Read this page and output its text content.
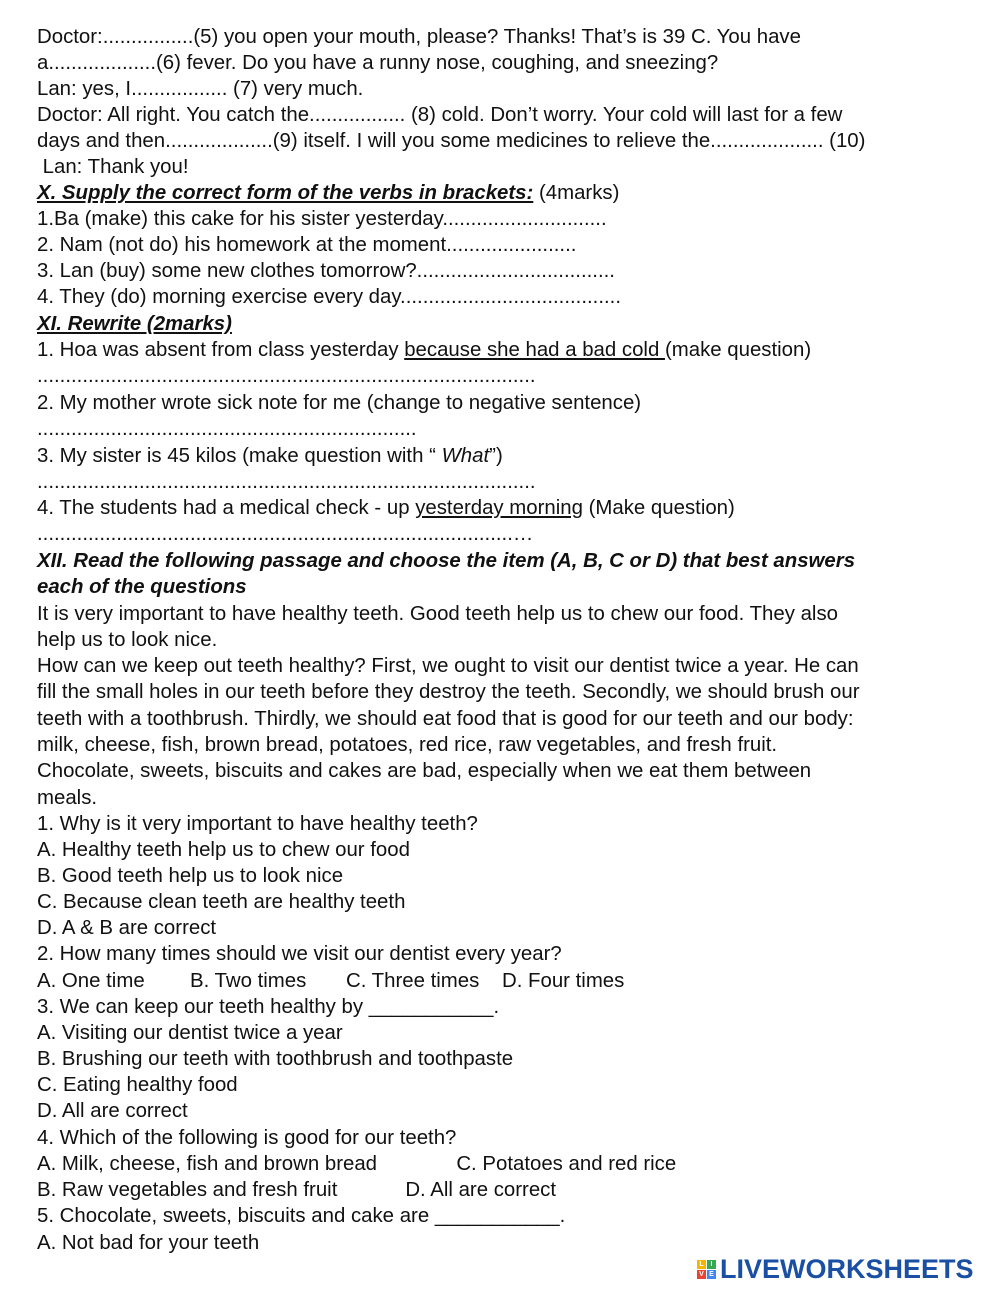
Doctor:................(5) you open your mouth, please? Thanks! That’s is 39 C. You have
a...................(6) fever. Do you have a runny nose, coughing, and sneezing?
Lan: yes, I................. (7) very much.
Doctor: All right. You catch the................. (8) cold. Don’t worry. Your cold will last for a few
days and then...................(9) itself. I will you some medicines to relieve the.................... (10)
Lan: Thank you!
X. Supply the correct form of the verbs in brackets: (4marks)
1.Ba (make) this cake for his sister yesterday.............................
2. Nam (not do) his homework at the moment.......................
3. Lan (buy) some new clothes tomorrow?...................................
4. They (do) morning exercise every day.......................................
XI. Rewrite (2marks)
1. Hoa was absent from class yesterday because she had a bad cold (make question)
........................................................................................
2. My mother wrote sick note for me (change to negative sentence)
...................................................................
3. My sister is 45 kilos (make question with “ What”)
........................................................................................
4. The students had a medical check - up yesterday morning (Make question)
....................................................................................…
XII. Read the following passage and choose the item (A, B, C or D) that best answers
each of the questions
It is very important to have healthy teeth. Good teeth help us to chew our food. They also
help us to look nice.
How can we keep out teeth healthy? First, we ought to visit our dentist twice a year. He can
fill the small holes in our teeth before they destroy the teeth. Secondly, we should brush our
teeth with a toothbrush. Thirdly, we should eat food that is good for our teeth and our body:
milk, cheese, fish, brown bread, potatoes, red rice, raw vegetables, and fresh fruit.
Chocolate, sweets, biscuits and cakes are bad, especially when we eat them between
meals.
1. Why is it very important to have healthy teeth?
A. Healthy teeth help us to chew our food
B. Good teeth help us to look nice
C. Because clean teeth are healthy teeth
D. A & B are correct
2. How many times should we visit our dentist every year?
A. One time        B. Two times       C. Three times    D. Four times
3. We can keep our teeth healthy by ___________.
A. Visiting our dentist twice a year
B. Brushing our teeth with toothbrush and toothpaste
C. Eating healthy food
D. All are correct
4. Which of the following is good for our teeth?
A. Milk, cheese, fish and brown bread              C. Potatoes and red rice
B. Raw vegetables and fresh fruit            D. All are correct
5. Chocolate, sweets, biscuits and cake are ___________.
A. Not bad for your teeth
L I
V E LIVEWORKSHEETS
